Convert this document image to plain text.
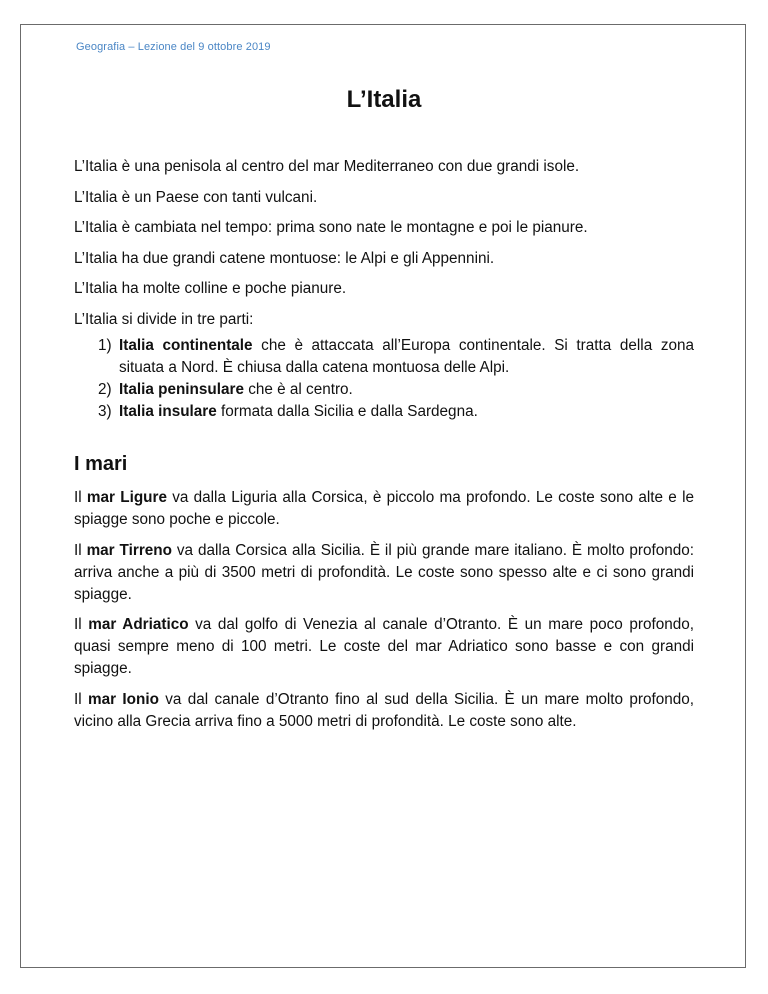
Geografia – Lezione del 9 ottobre 2019
L’Italia

L’Italia è una penisola al centro del mar Mediterraneo con due grandi isole.

L’Italia è un Paese con tanti vulcani.

L’Italia è cambiata nel tempo: prima sono nate le montagne e poi le pianure.

L’Italia ha due grandi catene montuose: le Alpi e gli Appennini.

L’Italia ha molte colline e poche pianure.

L’Italia si divide in tre parti:

1) Italia continentale che è attaccata all’Europa continentale. Si tratta della zona situata a Nord. È chiusa dalla catena montuosa delle Alpi.
2) Italia peninsulare che è al centro.
3) Italia insulare formata dalla Sicilia e dalla Sardegna.
I mari

Il mar Ligure va dalla Liguria alla Corsica, è piccolo ma profondo. Le coste sono alte e le spiagge sono poche e piccole.

Il mar Tirreno va dalla Corsica alla Sicilia. È il più grande mare italiano. È molto profondo: arriva anche a più di 3500 metri di profondità. Le coste sono spesso alte e ci sono grandi spiagge.

Il mar Adriatico va dal golfo di Venezia al canale d’Otranto. È un mare poco profondo, quasi sempre meno di 100 metri. Le coste del mar Adriatico sono basse e con grandi spiagge.

Il mar Ionio va dal canale d’Otranto fino al sud della Sicilia. È un mare molto profondo, vicino alla Grecia arriva fino a 5000 metri di profondità. Le coste sono alte.
